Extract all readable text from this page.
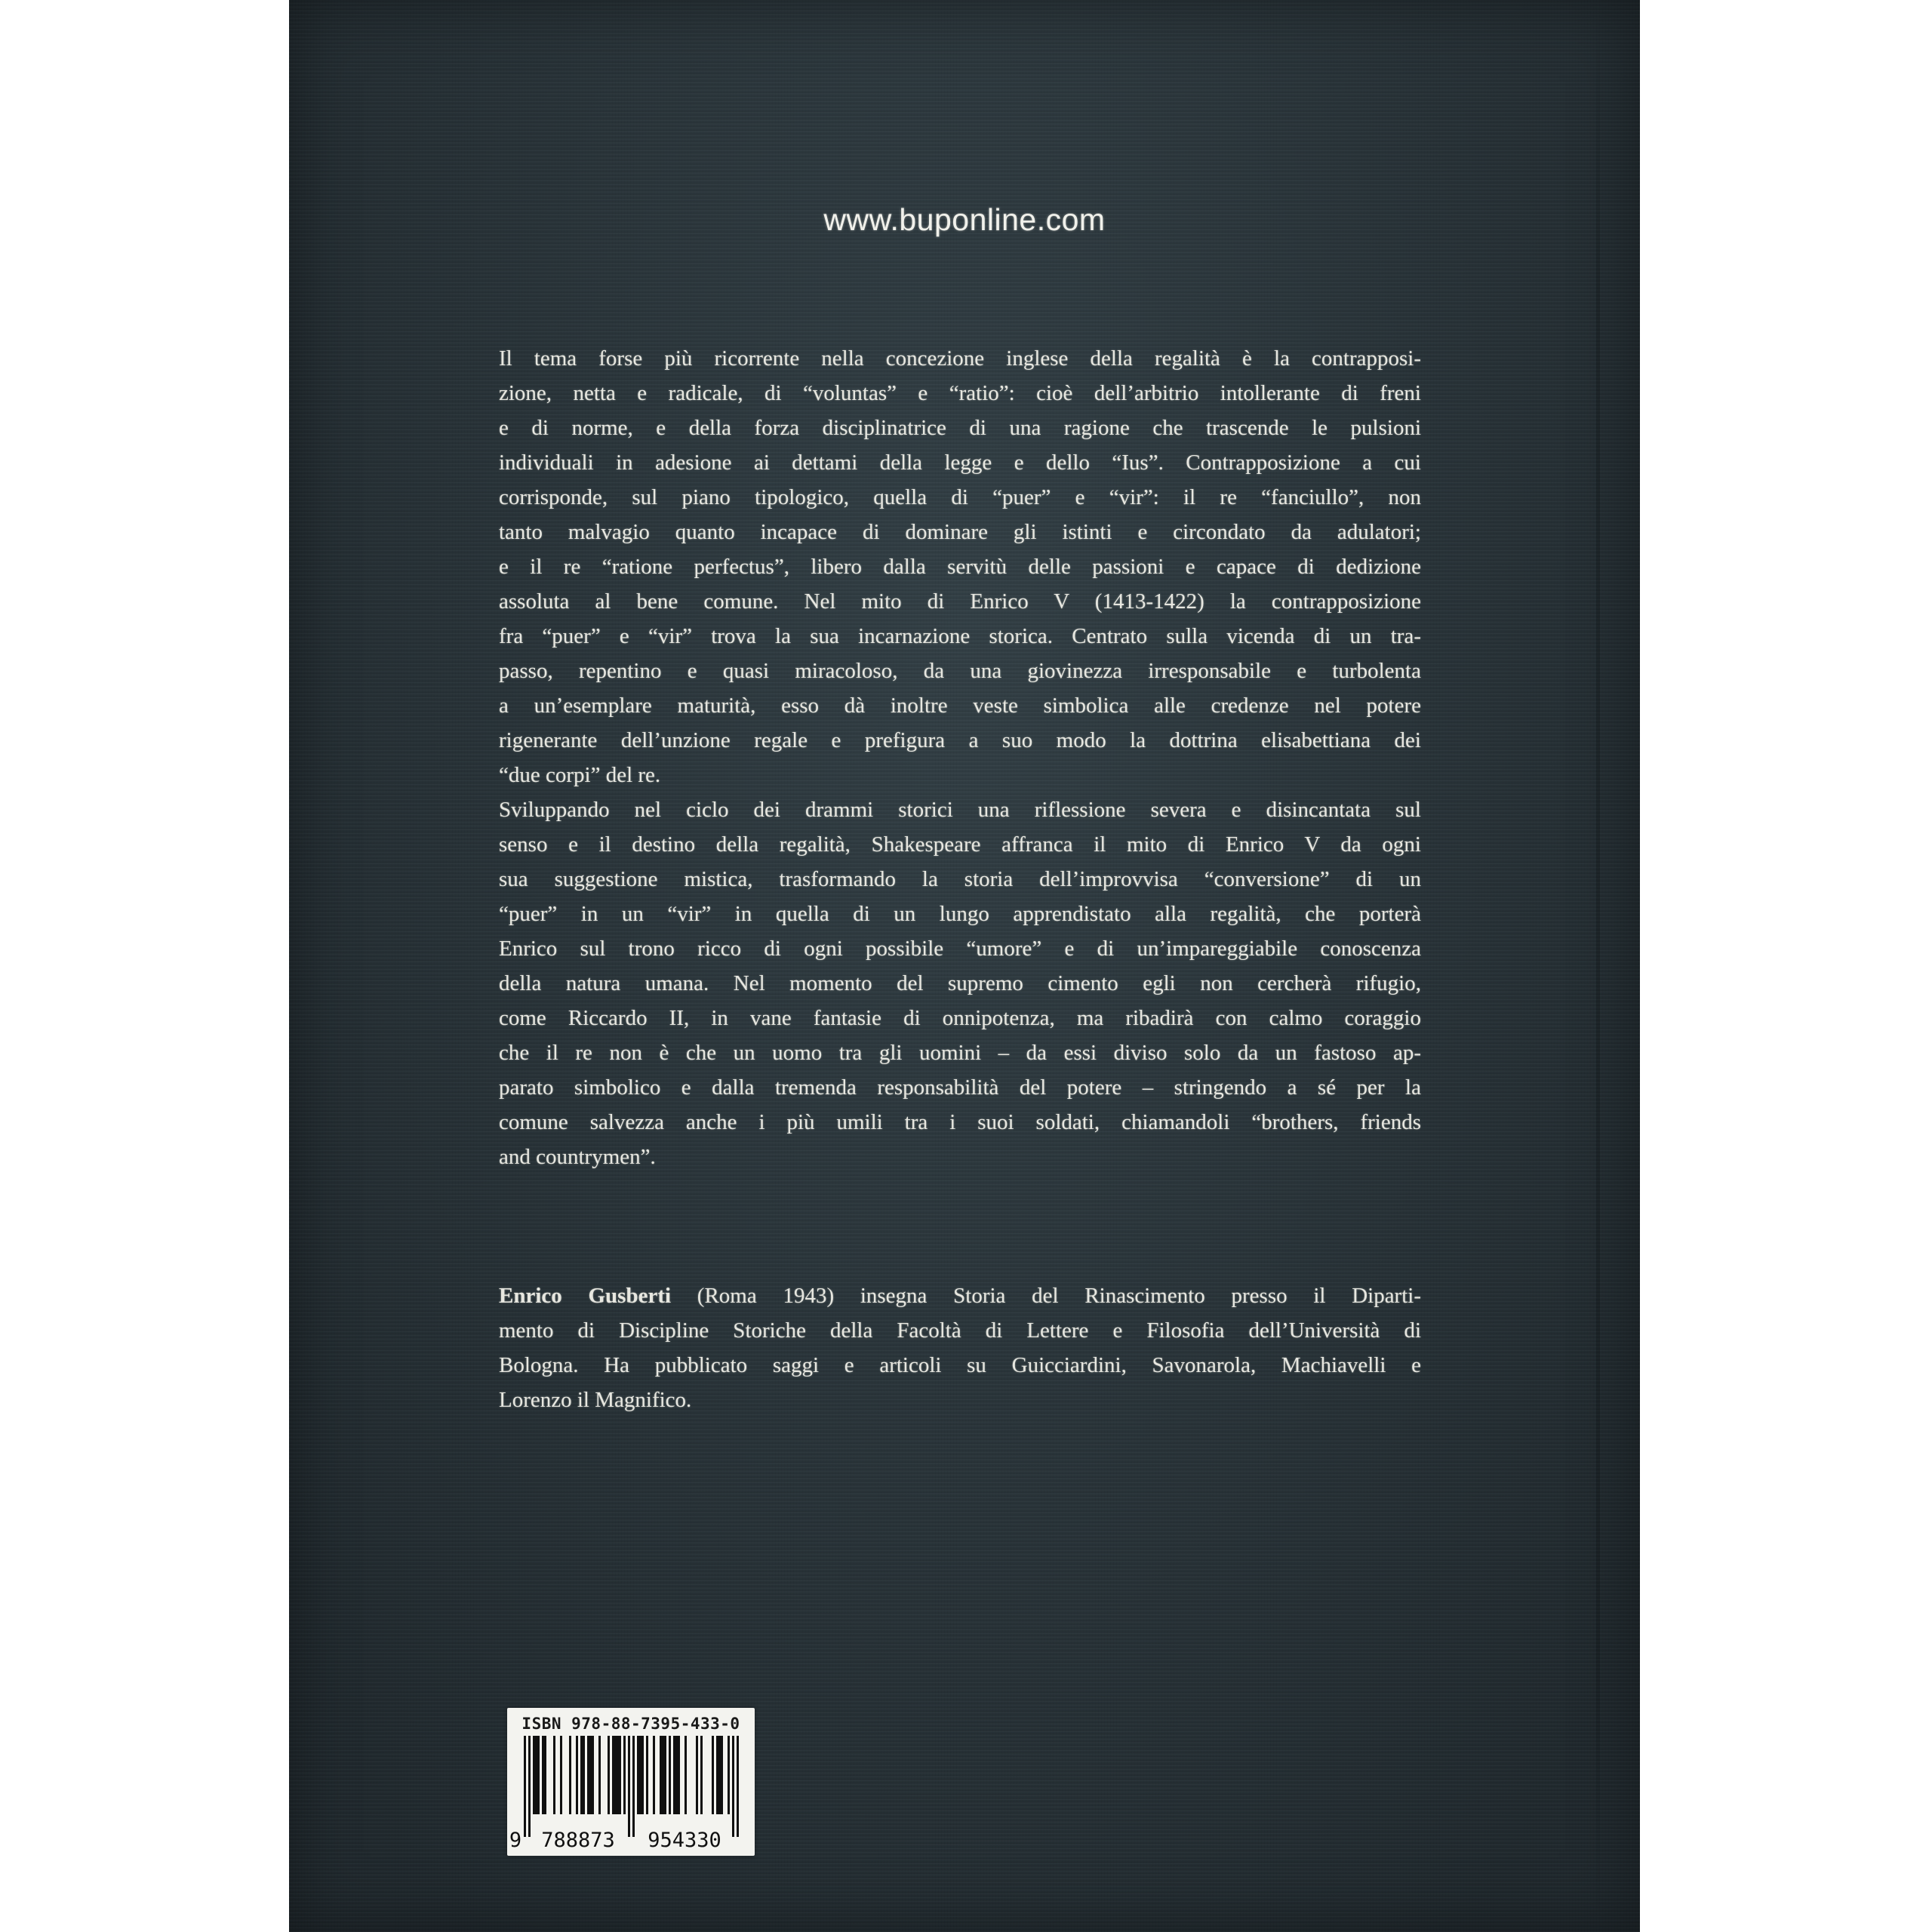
www.buponline.com
Il tema forse più ricorrente nella concezione inglese della regalità è la contrapposi-
zione, netta e radicale, di “voluntas” e “ratio”: cioè dell’arbitrio intollerante di freni
e di norme, e della forza disciplinatrice di una ragione che trascende le pulsioni
individuali in adesione ai dettami della legge e dello “Ius”. Contrapposizione a cui
corrisponde, sul piano tipologico, quella di “puer” e “vir”: il re “fanciullo”, non
tanto malvagio quanto incapace di dominare gli istinti e circondato da adulatori;
e il re “ratione perfectus”, libero dalla servitù delle passioni e capace di dedizione
assoluta al bene comune. Nel mito di Enrico V (1413-1422) la contrapposizione
fra “puer” e “vir” trova la sua incarnazione storica. Centrato sulla vicenda di un tra-
passo, repentino e quasi miracoloso, da una giovinezza irresponsabile e turbolenta
a un’esemplare maturità, esso dà inoltre veste simbolica alle credenze nel potere
rigenerante dell’unzione regale e prefigura a suo modo la dottrina elisabettiana dei
“due corpi” del re.
Sviluppando nel ciclo dei drammi storici una riflessione severa e disincantata sul
senso e il destino della regalità, Shakespeare affranca il mito di Enrico V da ogni
sua suggestione mistica, trasformando la storia dell’improvvisa “conversione” di un
“puer” in un “vir” in quella di un lungo apprendistato alla regalità, che porterà
Enrico sul trono ricco di ogni possibile “umore” e di un’impareggiabile conoscenza
della natura umana. Nel momento del supremo cimento egli non cercherà rifugio,
come Riccardo II, in vane fantasie di onnipotenza, ma ribadirà con calmo coraggio
che il re non è che un uomo tra gli uomini – da essi diviso solo da un fastoso ap-
parato simbolico e dalla tremenda responsabilità del potere – stringendo a sé per la
comune salvezza anche i più umili tra i suoi soldati, chiamandoli “brothers, friends
and countrymen”.
Enrico Gusberti (Roma 1943) insegna Storia del Rinascimento presso il Diparti-
mento di Discipline Storiche della Facoltà di Lettere e Filosofia dell’Università di
Bologna. Ha pubblicato saggi e articoli su Guicciardini, Savonarola, Machiavelli e
Lorenzo il Magnifico.
ISBN 978-88-7395-433-0
9 788873	954330
